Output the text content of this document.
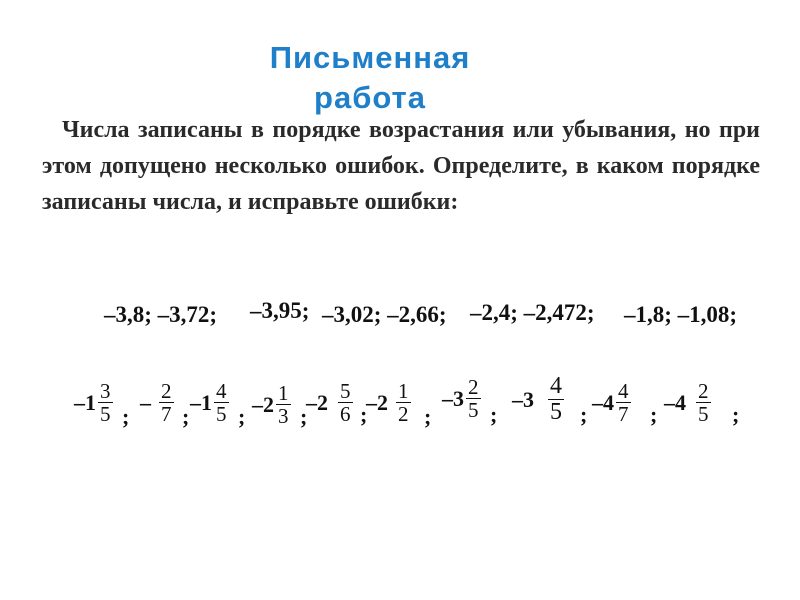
Письменная работа

Числа записаны в порядке возрастания или убывания, но при этом допущено несколько ошибок. Определите, в каком порядке записаны числа, и исправьте ошибки:

–3,8; –3,72; –3,95; –3,02; –2,66; –2,4; –2,472; –1,8; –1,08;
$-1 \frac{3}{5}$ ;
– $\frac{2}{7}$ ;
$-1 \frac{4}{5}$ ; $-2 \frac{1}{3}$ ;
$-2 \frac{5}{6}$ ;
$-2 \frac{1}{2}$ ;
$-3 \frac{2}{5}$ ;
$-3 \frac{4}{5}$ ; $-4 \frac{4}{7}$ ; $-4 \frac{2}{5}$ ;
